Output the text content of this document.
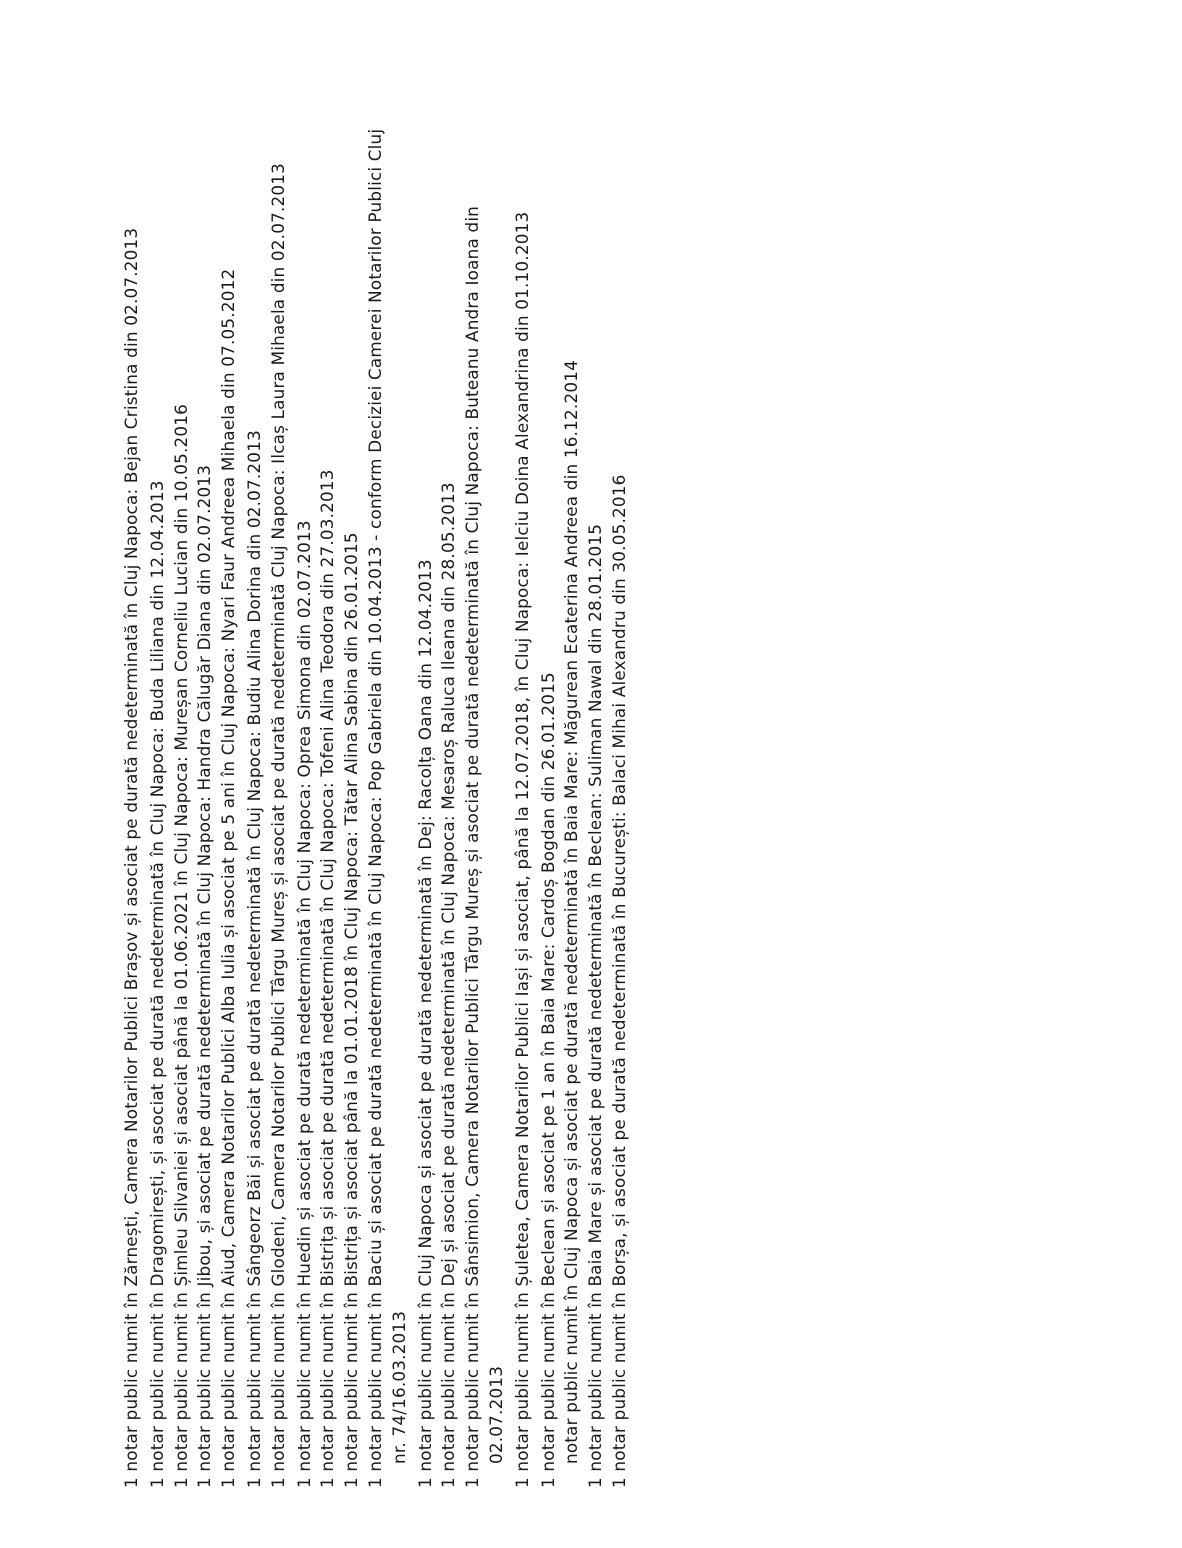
1 notar public numit în Zărnești, Camera Notarilor Publici Brașov și asociat pe durată nedeterminată în Cluj Napoca: Bejan Cristina din 02.07.2013 1 notar public numit în Dragomirești, și asociat pe durată nedeterminată în Cluj Napoca: Buda Liliana din 12.04.2013 1 notar public numit în Șimleu Silvaniei și asociat până la 01.06.2021 în Cluj Napoca: Mureșan Corneliu Lucian din 10.05.2016 1 notar public numit în Jibou, și asociat pe durată nedeterminată în Cluj Napoca: Handra Călugăr Diana din 02.07.2013 1 notar public numit în Aiud, Camera Notarilor Publici Alba Iulia și asociat pe 5 ani în Cluj Napoca: Nyari Faur Andreea Mihaela din 07.05.2012 1 notar public numit în Sângeorz Băi și asociat pe durată nedeterminată în Cluj Napoca: Budiu Alina Dorina din 02.07.2013 1 notar public numit în Glodeni, Camera Notarilor Publici Târgu Mureș și asociat pe durată nedeterminată Cluj Napoca: Ilcaș Laura Mihaela din 02.07.2013 1 notar public numit în Huedin și asociat pe durată nedeterminată în Cluj Napoca: Oprea Simona din 02.07.2013 1 notar public numit în Bistrița și asociat pe durată nedeterminată în Cluj Napoca: Tofeni Alina Teodora din 27.03.2013 1 notar public numit în Bistrița și asociat până la 01.01.2018 în Cluj Napoca: Tătar Alina Sabina din 26.01.2015 1 notar public numit în Baciu și asociat pe durată nedeterminată în Cluj Napoca: Pop Gabriela din 10.04.2013 - conform Deciziei Camerei Notarilor Publici Cluj nr. 74/16.03.2013 1 notar public numit în Cluj Napoca și asociat pe durată nedeterminată în Dej: Racolța Oana din 12.04.2013 1 notar public numit în Dej și asociat pe durată nedeterminată în Cluj Napoca: Mesaroș Raluca Ileana din 28.05.2013 1 notar public numit în Sânsimion, Camera Notarilor Publici Târgu Mureș și asociat pe durată nedeterminată în Cluj Napoca: Buteanu Andra Ioana din 02.07.2013 1 notar public numit în Șuletea, Camera Notarilor Publici Iași și asociat, până la 12.07.2018, în Cluj Napoca: Ielciu Doina Alexandrina din 01.10.2013 1 notar public numit în Beclean și asociat pe 1 an în Baia Mare: Cardoș Bogdan din 26.01.2015 notar public numit în Cluj Napoca și asociat pe durată nedeterminată în Baia Mare: Măgurean Ecaterina Andreea din 16.12.2014 1 notar public numit în Baia Mare și asociat pe durată nedeterminată în Beclean: Suliman Nawal din 28.01.2015 1 notar public numit în Borșa, și asociat pe durată nedeterminată în București: Balaci Mihai Alexandru din 30.05.2016
